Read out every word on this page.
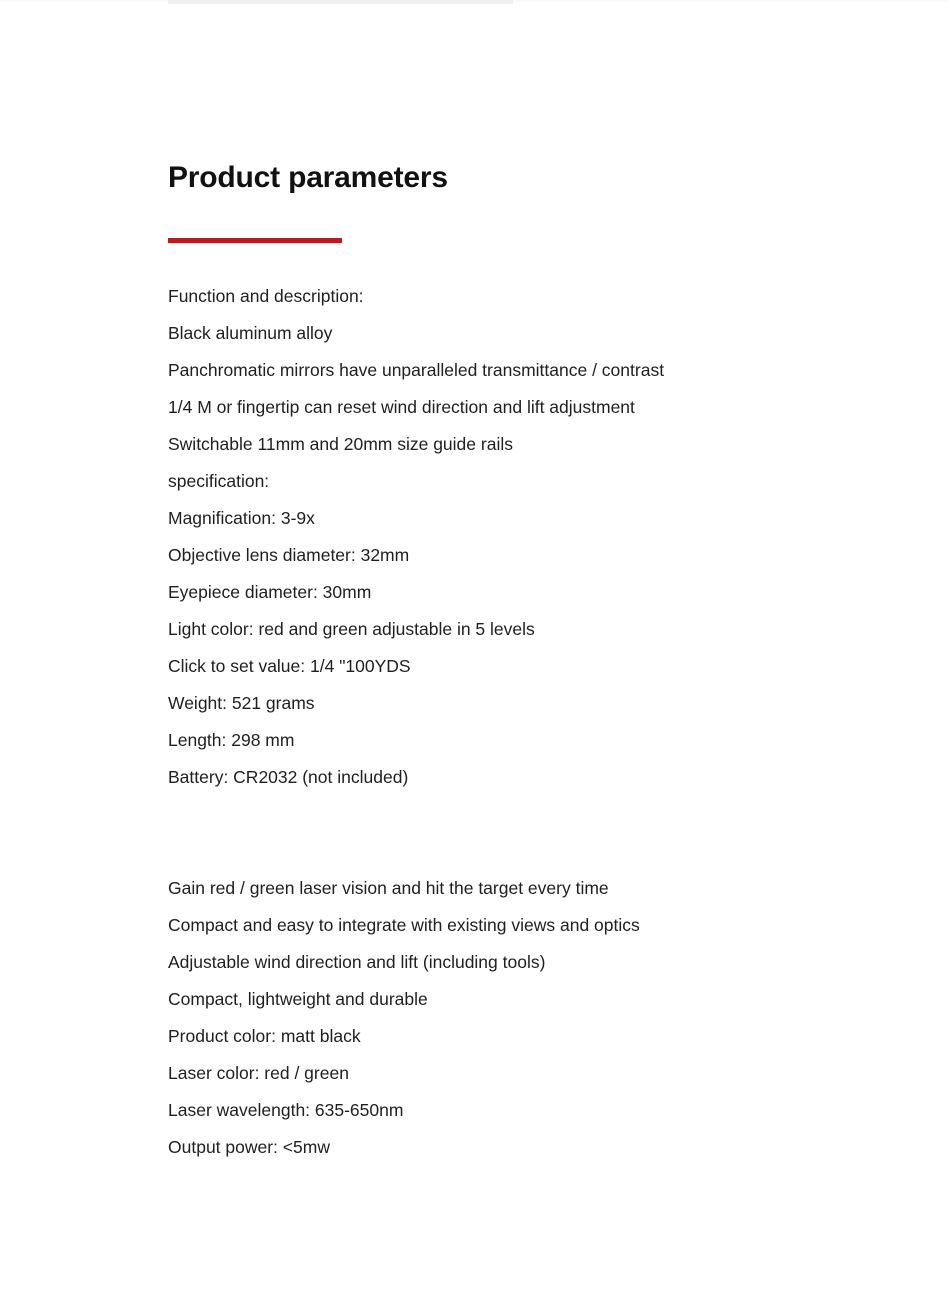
Product parameters
Function and description:
Black aluminum alloy
Panchromatic mirrors have unparalleled transmittance / contrast
1/4 M or fingertip can reset wind direction and lift adjustment
Switchable 11mm and 20mm size guide rails
specification:
Magnification: 3-9x
Objective lens diameter: 32mm
Eyepiece diameter: 30mm
Light color: red and green adjustable in 5 levels
Click to set value: 1/4 "100YDS
Weight: 521 grams
Length: 298 mm
Battery: CR2032 (not included)
Gain red / green laser vision and hit the target every time
Compact and easy to integrate with existing views and optics
Adjustable wind direction and lift (including tools)
Compact, lightweight and durable
Product color: matt black
Laser color: red / green
Laser wavelength: 635-650nm
Output power: <5mw
